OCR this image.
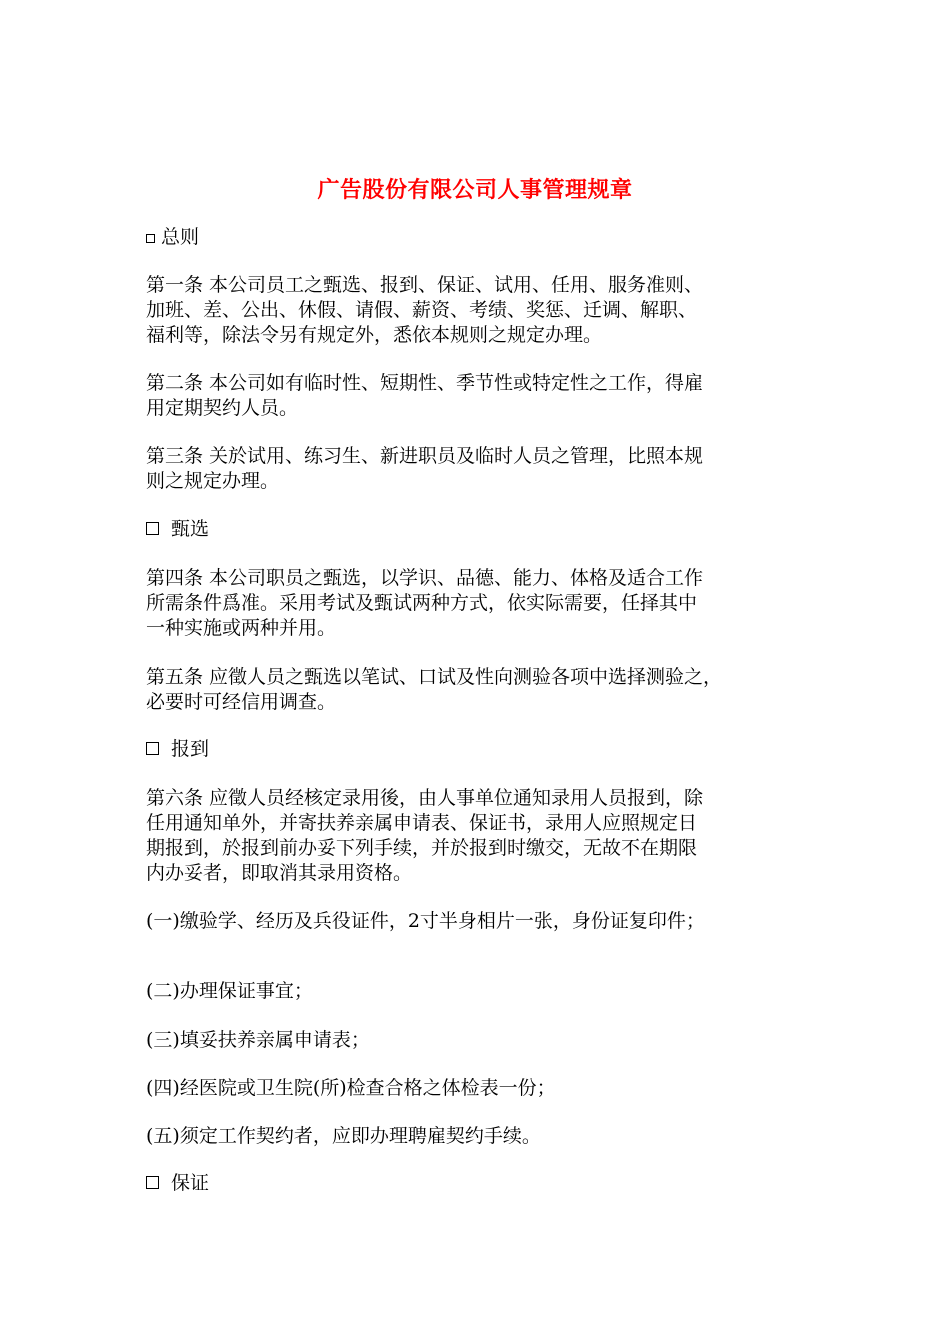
广告股份有限公司人事管理规章
总则
第一条 本公司员工之甄选、报到、保证、试用、任用、服务准则、
加班、差、公出、休假、请假、薪资、考绩、奖惩、迁调、解职、
福利等，除法令另有规定外，悉依本规则之规定办理。
第二条 本公司如有临时性、短期性、季节性或特定性之工作，得雇
用定期契约人员。
第三条 关於试用、练习生、新进职员及临时人员之管理，比照本规
则之规定办理。
甄选
第四条 本公司职员之甄选，以学识、品德、能力、体格及适合工作
所需条件爲准。采用考试及甄试两种方式，依实际需要，任择其中
一种实施或两种并用。
第五条 应徵人员之甄选以笔试、口试及性向测验各项中选择测验之，
必要时可经信用调查。
报到
第六条 应徵人员经核定录用後，由人事单位通知录用人员报到，除
任用通知单外，并寄扶养亲属申请表、保证书，录用人应照规定日
期报到，於报到前办妥下列手续，并於报到时缴交，无故不在期限
内办妥者，即取消其录用资格。
(一)缴验学、经历及兵役证件，2寸半身相片一张，身份证复印件；
(二)办理保证事宜；
(三)填妥扶养亲属申请表；
(四)经医院或卫生院(所)检查合格之体检表一份；
(五)须定工作契约者，应即办理聘雇契约手续。
保证
